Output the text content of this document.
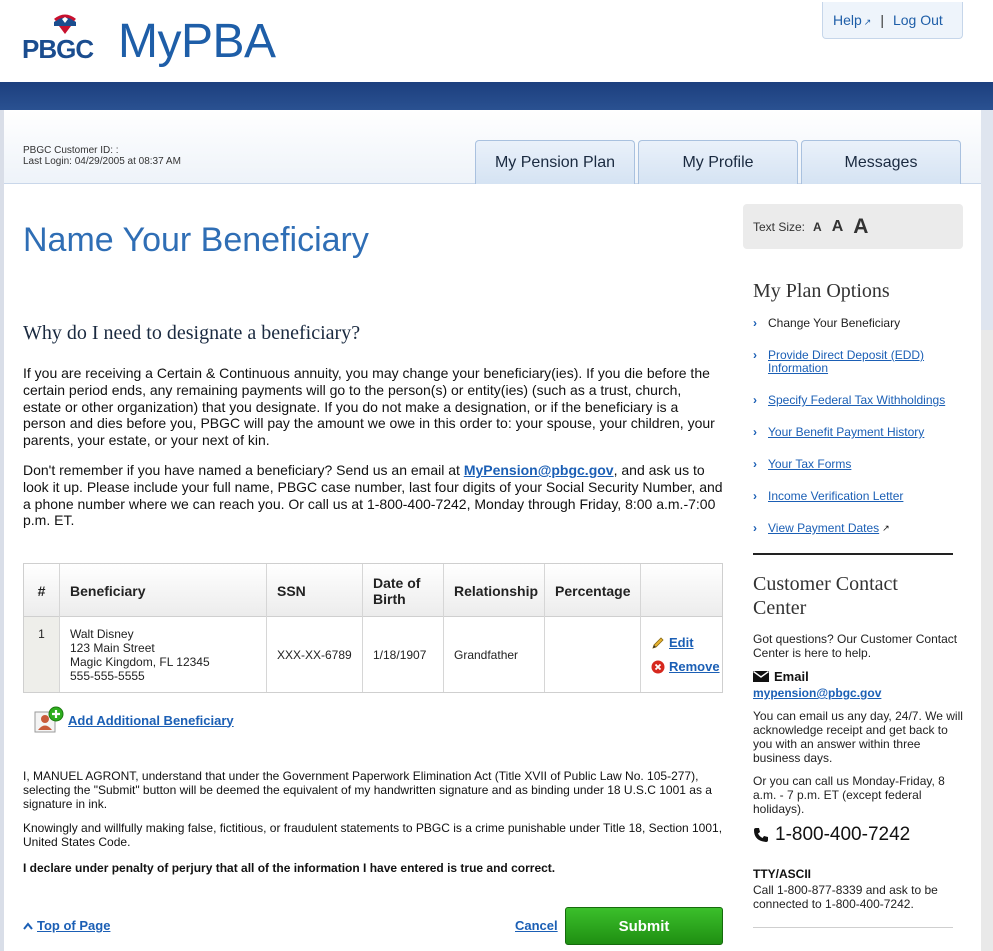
PBGC MyPBA	Help ↗ | Log Out
PBGC Customer ID: :
Last Login: 04/29/2005 at 08:37 AM	My Pension Plan	My Profile	Messages
Name Your Beneficiary
Why do I need to designate a beneficiary?
If you are receiving a Certain & Continuous annuity, you may change your beneficiary(ies). If you die before the certain period ends, any remaining payments will go to the person(s) or entity(ies) (such as a trust, church, estate or other organization) that you designate. If you do not make a designation, or if the beneficiary is a person and dies before you, PBGC will pay the amount we owe in this order to: your spouse, your children, your parents, your estate, or your next of kin.
Don't remember if you have named a beneficiary? Send us an email at MyPension@pbgc.gov, and ask us to look it up. Please include your full name, PBGC case number, last four digits of your Social Security Number, and a phone number where we can reach you. Or call us at 1-800-400-7242, Monday through Friday, 8:00 a.m.-7:00 p.m. ET.
#	Beneficiary	SSN	Date of Birth	Relationship	Percentage
1	Walt Disney
123 Main Street
Magic Kingdom, FL 12345
555-555-5555
XXX-XX-6789	1/18/1907	Grandfather
Edit
Remove
Add Additional Beneficiary
I, MANUEL AGRONT, understand that under the Government Paperwork Elimination Act (Title XVII of Public Law No. 105-277), selecting the "Submit" button will be deemed the equivalent of my handwritten signature and as binding under 18 U.S.C 1001 as a signature in ink.
Knowingly and willfully making false, fictitious, or fraudulent statements to PBGC is a crime punishable under Title 18, Section 1001, United States Code.
I declare under penalty of perjury that all of the information I have entered is true and correct.
Top of Page	Cancel	Submit
Text Size: A A A
My Plan Options
› Change Your Beneficiary
› Provide Direct Deposit (EDD) Information
› Specify Federal Tax Withholdings
› Your Benefit Payment History
› Your Tax Forms
› Income Verification Letter
› View Payment Dates ↗
Customer Contact Center
Got questions? Our Customer Contact Center is here to help.
Email
mypension@pbgc.gov
You can email us any day, 24/7. We will acknowledge receipt and get back to you with an answer within three business days.
Or you can call us Monday-Friday, 8 a.m. - 7 p.m. ET (except federal holidays).
1-800-400-7242
TTY/ASCII
Call 1-800-877-8339 and ask to be connected to 1-800-400-7242.
